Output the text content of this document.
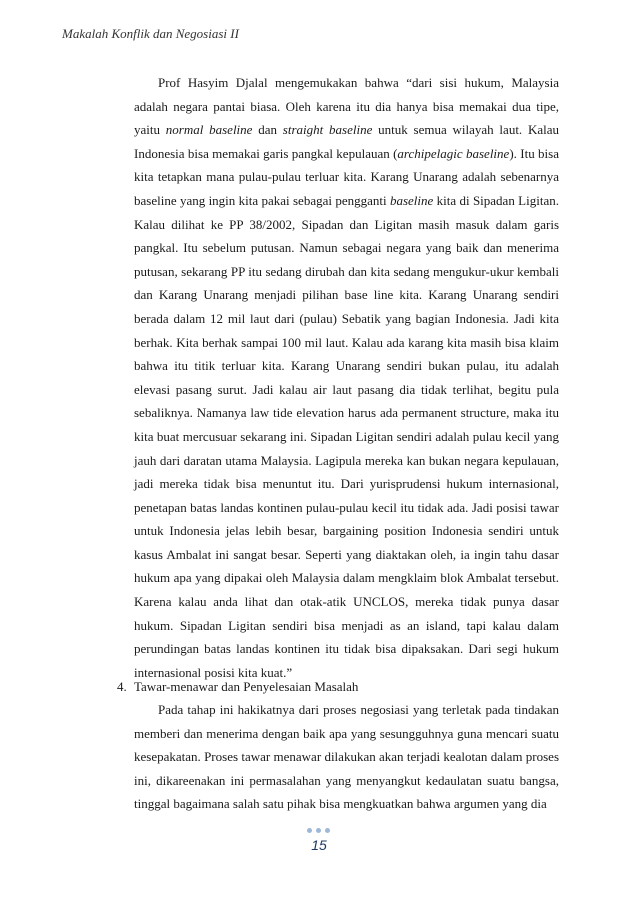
Makalah Konflik dan Negosiasi II

Prof Hasyim Djalal mengemukakan bahwa “dari sisi hukum, Malaysia adalah negara pantai biasa. Oleh karena itu dia hanya bisa memakai dua tipe, yaitu normal baseline dan straight baseline untuk semua wilayah laut. Kalau Indonesia bisa memakai garis pangkal kepulauan (archipelagic baseline). Itu bisa kita tetapkan mana pulau-pulau terluar kita. Karang Unarang adalah sebenarnya baseline yang ingin kita pakai sebagai pengganti baseline kita di Sipadan Ligitan. Kalau dilihat ke PP 38/2002, Sipadan dan Ligitan masih masuk dalam garis pangkal. Itu sebelum putusan. Namun sebagai negara yang baik dan menerima putusan, sekarang PP itu sedang dirubah dan kita sedang mengukur-ukur kembali dan Karang Unarang menjadi pilihan base line kita. Karang Unarang sendiri berada dalam 12 mil laut dari (pulau) Sebatik yang bagian Indonesia. Jadi kita berhak. Kita berhak sampai 100 mil laut. Kalau ada karang kita masih bisa klaim bahwa itu titik terluar kita. Karang Unarang sendiri bukan pulau, itu adalah elevasi pasang surut. Jadi kalau air laut pasang dia tidak terlihat, begitu pula sebaliknya. Namanya law tide elevation harus ada permanent structure, maka itu kita buat mercusuar sekarang ini. Sipadan Ligitan sendiri adalah pulau kecil yang jauh dari daratan utama Malaysia. Lagipula mereka kan bukan negara kepulauan, jadi mereka tidak bisa menuntut itu. Dari yurisprudensi hukum internasional, penetapan batas landas kontinen pulau-pulau kecil itu tidak ada. Jadi posisi tawar untuk Indonesia jelas lebih besar, bargaining position Indonesia sendiri untuk kasus Ambalat ini sangat besar. Seperti yang diaktakan oleh, ia ingin tahu dasar hukum apa yang dipakai oleh Malaysia dalam mengklaim blok Ambalat tersebut. Karena kalau anda lihat dan otak-atik UNCLOS, mereka tidak punya dasar hukum. Sipadan Ligitan sendiri bisa menjadi as an island, tapi kalau dalam perundingan batas landas kontinen itu tidak bisa dipaksakan. Dari segi hukum internasional posisi kita kuat.”

4. Tawar-menawar dan Penyelesaian Masalah

Pada tahap ini hakikatnya dari proses negosiasi yang terletak pada tindakan memberi dan menerima dengan baik apa yang sesungguhnya guna mencari suatu kesepakatan. Proses tawar menawar dilakukan akan terjadi kealotan dalam proses ini, dikareenakan ini permasalahan yang menyangkut kedaulatan suatu bangsa, tinggal bagaimana salah satu pihak bisa mengkuatkan bahwa argumen yang dia

15
